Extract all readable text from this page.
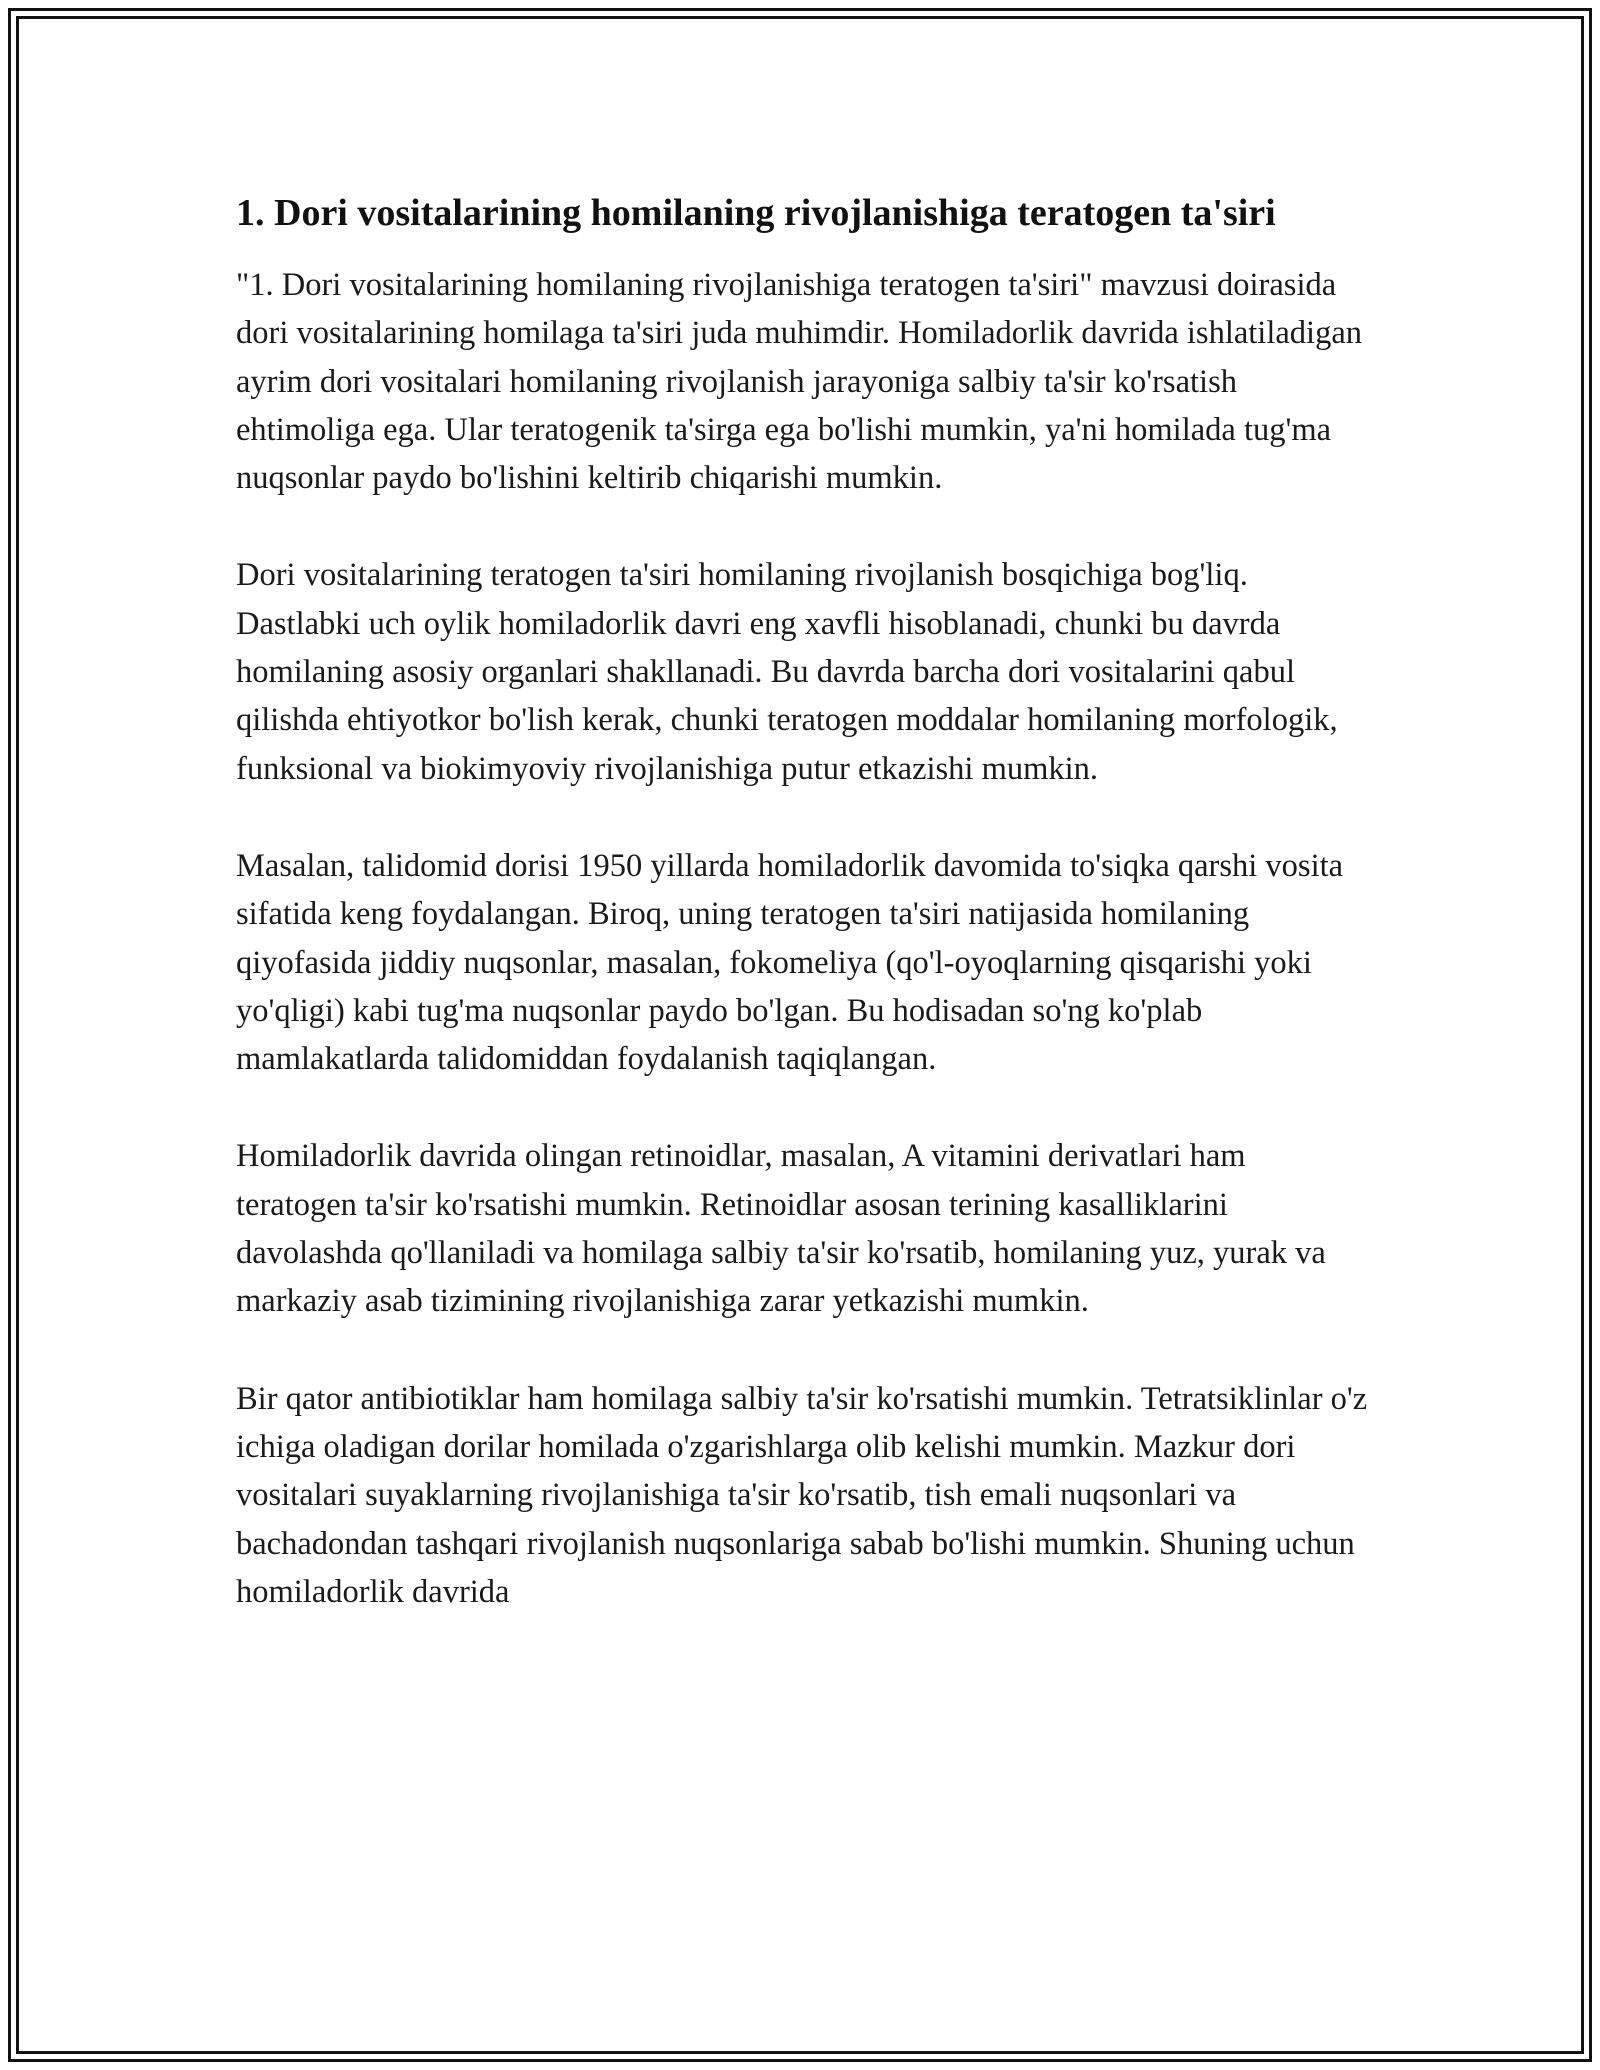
1. Dori vositalarining homilaning rivojlanishiga teratogen ta'siri

"1. Dori vositalarining homilaning rivojlanishiga teratogen ta'siri" mavzusi doirasida dori vositalarining homilaga ta'siri juda muhimdir. Homiladorlik davrida ishlatiladigan ayrim dori vositalari homilaning rivojlanish jarayoniga salbiy ta'sir ko'rsatish ehtimoliga ega. Ular teratogenik ta'sirga ega bo'lishi mumkin, ya'ni homilada tug'ma nuqsonlar paydo bo'lishini keltirib chiqarishi mumkin.

Dori vositalarining teratogen ta'siri homilaning rivojlanish bosqichiga bog'liq. Dastlabki uch oylik homiladorlik davri eng xavfli hisoblanadi, chunki bu davrda homilaning asosiy organlari shakllanadi. Bu davrda barcha dori vositalarini qabul qilishda ehtiyotkor bo'lish kerak, chunki teratogen moddalar homilaning morfologik, funksional va biokimyoviy rivojlanishiga putur etkazishi mumkin.

Masalan, talidomid dorisi 1950 yillarda homiladorlik davomida to'siqka qarshi vosita sifatida keng foydalangan. Biroq, uning teratogen ta'siri natijasida homilaning qiyofasida jiddiy nuqsonlar, masalan, fokomeliya (qo'l-oyoqlarning qisqarishi yoki yo'qligi) kabi tug'ma nuqsonlar paydo bo'lgan. Bu hodisadan so'ng ko'plab mamlakatlarda talidomiddan foydalanish taqiqlangan.

Homiladorlik davrida olingan retinoidlar, masalan, A vitamini derivatlari ham teratogen ta'sir ko'rsatishi mumkin. Retinoidlar asosan terining kasalliklarini davolashda qo'llaniladi va homilaga salbiy ta'sir ko'rsatib, homilaning yuz, yurak va markaziy asab tizimining rivojlanishiga zarar yetkazishi mumkin.

Bir qator antibiotiklar ham homilaga salbiy ta'sir ko'rsatishi mumkin. Tetratsiklinlar o'z ichiga oladigan dorilar homilada o'zgarishlarga olib kelishi mumkin. Mazkur dori vositalari suyaklarning rivojlanishiga ta'sir ko'rsatib, tish emali nuqsonlari va bachadondan tashqari rivojlanish nuqsonlariga sabab bo'lishi mumkin. Shuning uchun homiladorlik davrida
